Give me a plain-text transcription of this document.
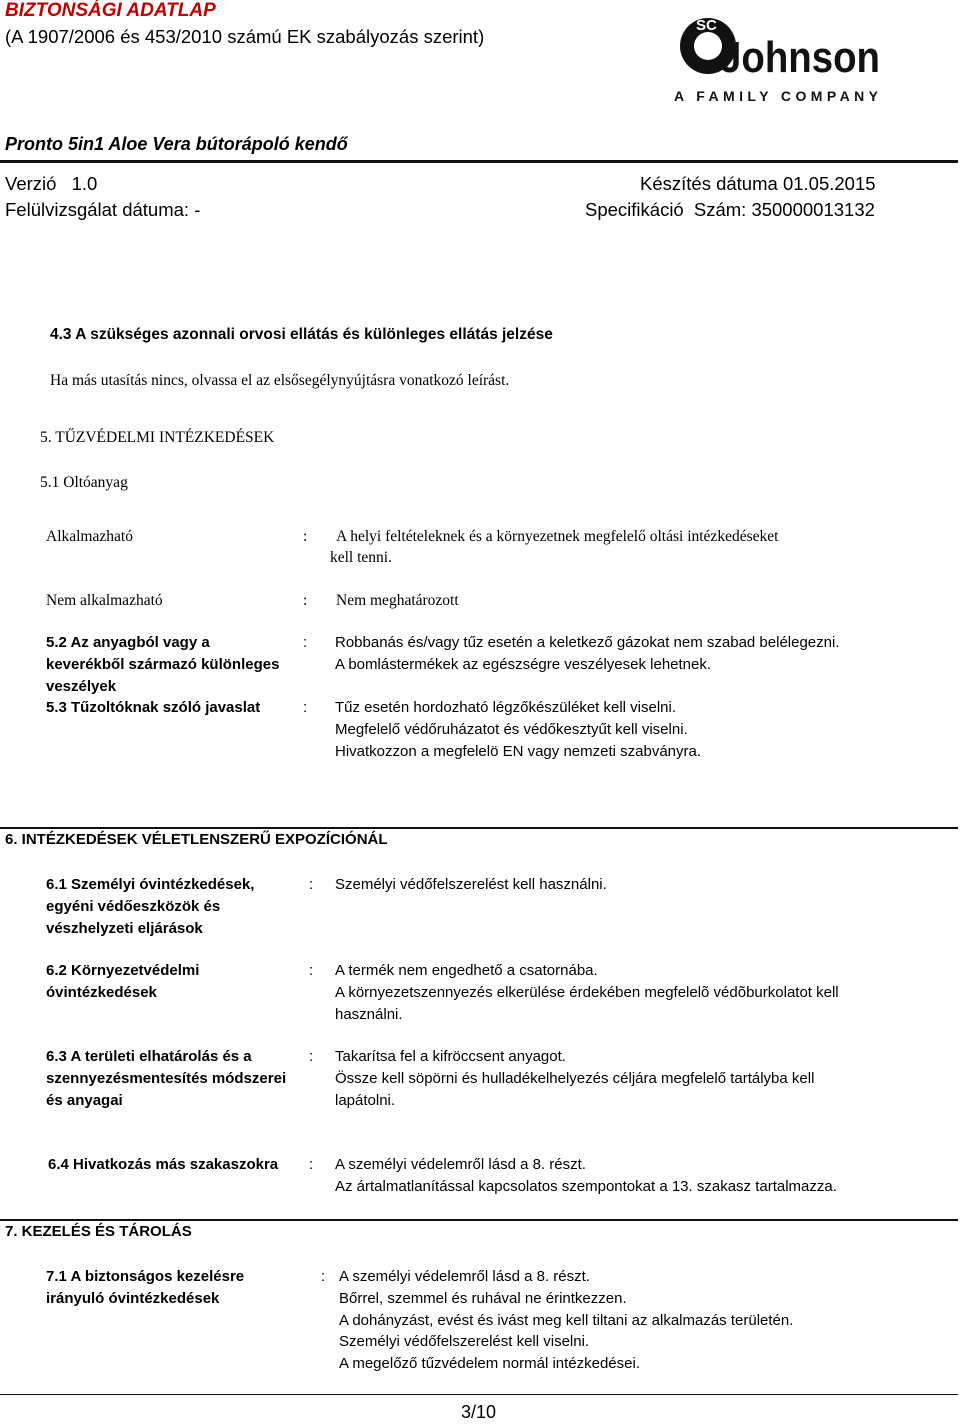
BIZTONSÁGI ADATLAP
(A 1907/2006 és 453/2010 számú EK szabályozás szerint)
SC
Johnson
A FAMILY COMPANY
Pronto 5in1 Aloe Vera bútorápoló kendő
Verzió 1.0
Felülvizsgálat dátuma: -
Készítés dátuma 01.05.2015
Specifikáció Szám: 350000013132
4.3 A szükséges azonnali orvosi ellátás és különleges ellátás jelzése
Ha más utasítás nincs, olvassa el az elsősegélynyújtásra vonatkozó leírást.
5. TŰZVÉDELMI INTÉZKEDÉSEK
5.1 Oltóanyag
Alkalmazható	: A helyi feltételeknek és a környezetnek megfelelő oltási intézkedéseket
kell tenni.
Nem alkalmazható	: Nem meghatározott
5.2 Az anyagból vagy a
keverékből származó különleges
veszélyek
: Robbanás és/vagy tűz esetén a keletkező gázokat nem szabad belélegezni.
A bomlástermékek az egészségre veszélyesek lehetnek.
5.3 Tűzoltóknak szóló javaslat	: Tűz esetén hordozható légzőkészüléket kell viselni.
Megfelelő védőruházatot és védőkesztyűt kell viselni.
Hivatkozzon a megfelelö EN vagy nemzeti szabványra.
6. INTÉZKEDÉSEK VÉLETLENSZERŰ EXPOZÍCIÓNÁL
6.1 Személyi óvintézkedések,
egyéni védőeszközök és
vészhelyzeti eljárások
: Személyi védőfelszerelést kell használni.
6.2 Környezetvédelmi
óvintézkedések
: A termék nem engedhető a csatornába.
A környezetszennyezés elkerülése érdekében megfelelõ védõburkolatot kell
használni.
6.3 A területi elhatárolás és a
szennyezésmentesítés módszerei
és anyagai
: Takarítsa fel a kifröccsent anyagot.
Össze kell söpörni és hulladékelhelyezés céljára megfelelő tartályba kell
lapátolni.
6.4 Hivatkozás más szakaszokra : A személyi védelemről lásd a 8. részt.
Az ártalmatlanítással kapcsolatos szempontokat a 13. szakasz tartalmazza.
7. KEZELÉS ÉS TÁROLÁS
7.1 A biztonságos kezelésre
irányuló óvintézkedések
: A személyi védelemről lásd a 8. részt.
Bőrrel, szemmel és ruhával ne érintkezzen.
A dohányzást, evést és ivást meg kell tiltani az alkalmazás területén.
Személyi védőfelszerelést kell viselni.
A megelőző tűzvédelem normál intézkedései.
3/10
